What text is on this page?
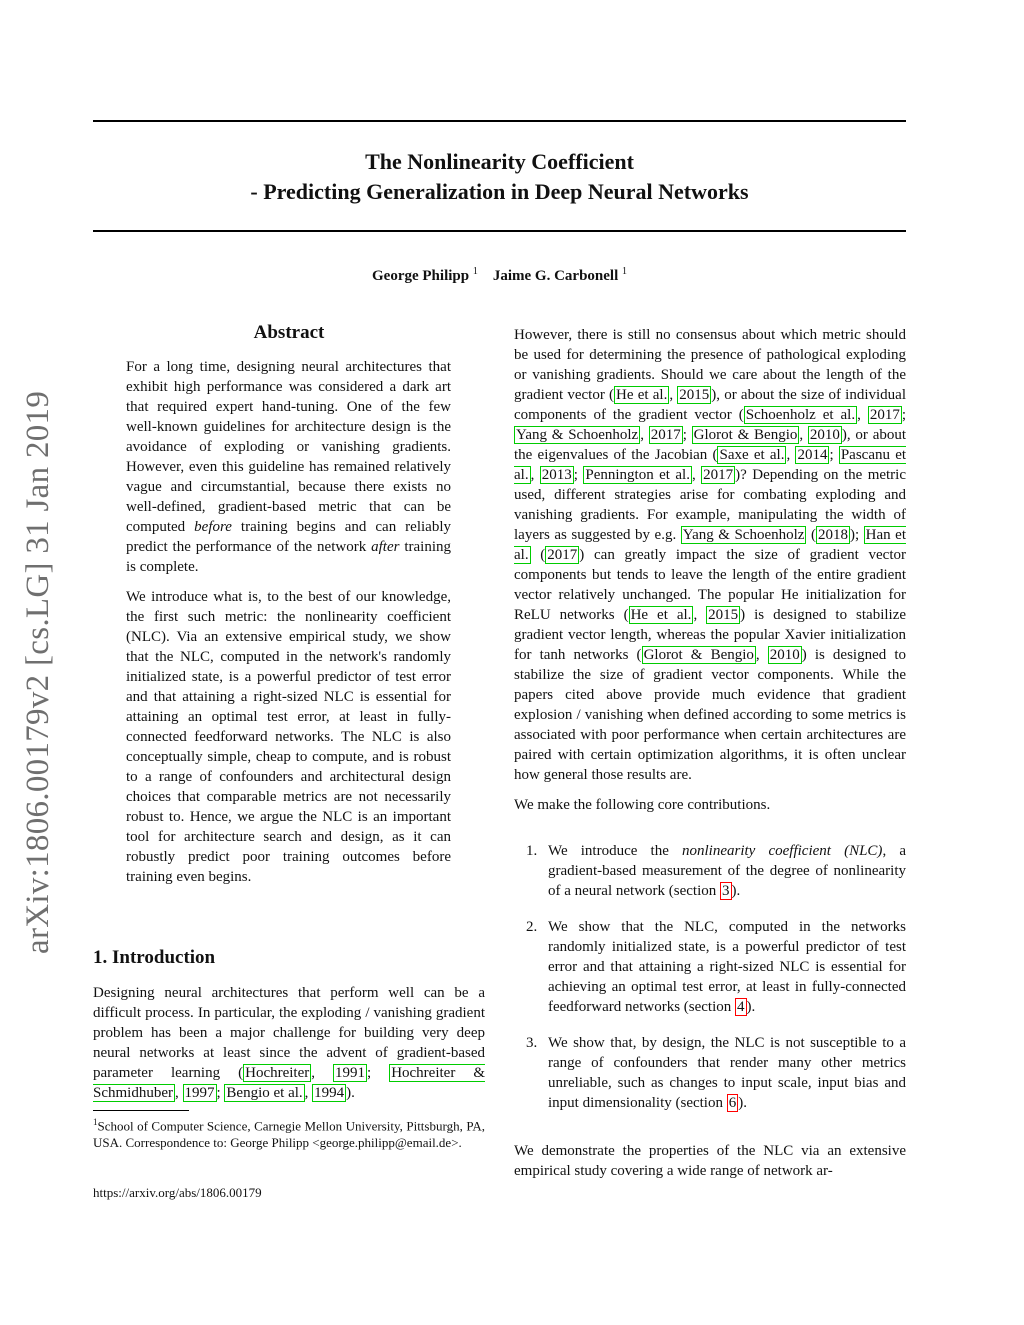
The Nonlinearity Coefficient
- Predicting Generalization in Deep Neural Networks
George Philipp $^1$ Jaime G. Carbonell $^1$
arXiv:1806.00179v2 [cs.LG] 31 Jan 2019
Abstract

For a long time, designing neural architectures that exhibit high performance was considered a dark art that required expert hand-tuning. One of the few well-known guidelines for architecture design is the avoidance of exploding or vanishing gradients. However, even this guideline has remained relatively vague and circumstantial, because there exists no well-defined, gradient-based metric that can be computed before training begins and can reliably predict the performance of the network after training is complete.

We introduce what is, to the best of our knowledge, the first such metric: the nonlinearity coefficient (NLC). Via an extensive empirical study, we show that the NLC, computed in the network's randomly initialized state, is a powerful predictor of test error and that attaining a right-sized NLC is essential for attaining an optimal test error, at least in fully-connected feedforward networks. The NLC is also conceptually simple, cheap to compute, and is robust to a range of confounders and architectural design choices that comparable metrics are not necessarily robust to. Hence, we argue the NLC is an important tool for architecture search and design, as it can robustly predict poor training outcomes before training even begins.

1. Introduction

Designing neural architectures that perform well can be a difficult process. In particular, the exploding / vanishing gradient problem has been a major challenge for building very deep neural networks at least since the advent of gradient-based parameter learning ( Hochreiter , 1991 ; Hochreiter & Schmidhuber , 1997 ; Bengio et al. , 1994 ).

$^1$School of Computer Science, Carnegie Mellon University, Pittsburgh, PA, USA. Correspondence to: George Philipp <george.philipp@email.de>.
https://arxiv.org/abs/1806.00179

However, there is still no consensus about which metric should be used for determining the presence of pathological exploding or vanishing gradients. Should we care about the length of the gradient vector ( He et al. , 2015 ), or about the size of individual components of the gradient vector ( Schoenholz et al. , 2017 ; Yang & Schoenholz , 2017 ; Glorot & Bengio , 2010 ), or about the eigenvalues of the Jacobian ( Saxe et al. , 2014 ; Pascanu et al. , 2013 ; Pennington et al. , 2017 )? Depending on the metric used, different strategies arise for combating exploding and vanishing gradients. For example, manipulating the width of layers as suggested by e.g. Yang & Schoenholz ( 2018 ); Han et al. ( 2017 ) can greatly impact the size of gradient vector components but tends to leave the length of the entire gradient vector relatively unchanged. The popular He initialization for ReLU networks ( He et al. , 2015 ) is designed to stabilize gradient vector length, whereas the popular Xavier initialization for tanh networks ( Glorot & Bengio , 2010 ) is designed to stabilize the size of gradient vector components. While the papers cited above provide much evidence that gradient explosion / vanishing when defined according to some metrics is associated with poor performance when certain architectures are paired with certain optimization algorithms, it is often unclear how general those results are.

We make the following core contributions.

1. We introduce the nonlinearity coefficient (NLC), a gradient-based measurement of the degree of nonlinearity of a neural network (section 3 ).
2. We show that the NLC, computed in the networks randomly initialized state, is a powerful predictor of test error and that attaining a right-sized NLC is essential for achieving an optimal test error, at least in fully-connected feedforward networks (section 4 ).
3. We show that, by design, the NLC is not susceptible to a range of confounders that render many other metrics unreliable, such as changes to input scale, input bias and input dimensionality (section 6 ).

We demonstrate the properties of the NLC via an extensive empirical study covering a wide range of network ar-
